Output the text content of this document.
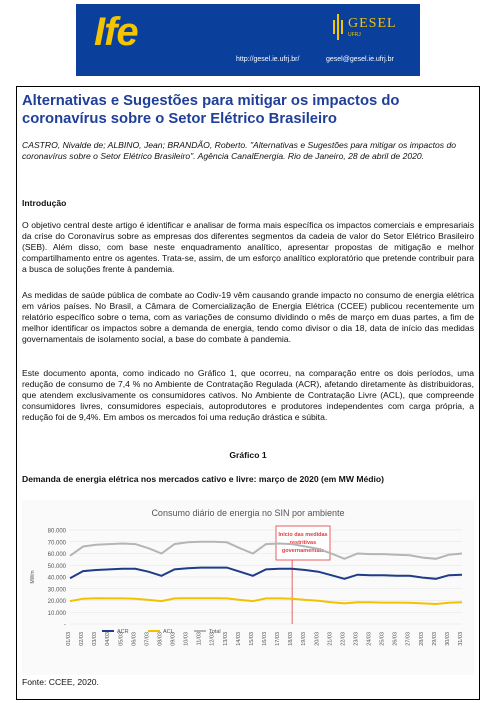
Ife	GESEL
UFRJ
http://gesel.ie.ufrj.br/	gesel@gesel.ie.ufrj.br
Alternativas e Sugestões para mitigar os impactos do coronavírus sobre o Setor Elétrico Brasileiro
CASTRO, Nivalde de; ALBINO, Jean; BRANDÃO, Roberto. "Alternativas e Sugestões para mitigar os impactos do coronavírus sobre o Setor Elétrico Brasileiro". Agência CanalEnergia. Rio de Janeiro, 28 de abril de 2020.
Introdução
O objetivo central deste artigo é identificar e analisar de forma mais específica os impactos comerciais e empresariais da crise do Coronavírus sobre as empresas dos diferentes segmentos da cadeia de valor do Setor Elétrico Brasileiro (SEB). Além disso, com base neste enquadramento analítico, apresentar propostas de mitigação e melhor compartilhamento entre os agentes. Trata-se, assim, de um esforço analítico exploratório que pretende contribuir para a busca de soluções frente à pandemia.
As medidas de saúde pública de combate ao Codiv-19 vêm causando grande impacto no consumo de energia elétrica em vários países. No Brasil, a Câmara de Comercialização de Energia Elétrica (CCEE) publicou recentemente um relatório específico sobre o tema, com as variações de consumo dividindo o mês de março em duas partes, a fim de melhor identificar os impactos sobre a demanda de energia, tendo como divisor o dia 18, data de início das medidas governamentais de isolamento social, a base do combate à pandemia.
Este documento aponta, como indicado no Gráfico 1, que ocorreu, na comparação entre os dois períodos, uma redução de consumo de 7,4 % no Ambiente de Contratação Regulada (ACR), afetando diretamente às distribuidoras, que atendem exclusivamente os consumidores cativos. No Ambiente de Contratação Livre (ACL), que compreende consumidores livres, consumidores especiais, autoprodutores e produtores independentes com carga própria, a redução foi de 9,4%. Em ambos os mercados foi uma redução drástica e súbita.
Gráfico 1
Demanda de energia elétrica nos mercados cativo e livre: março de 2020 (em MW Médio)
Consumo diário de energia no SIN por ambiente
-
10.000
20.000
30.000
40.000
50.000
60.000
70.000
80.000
MWm
01/03 02/03 03/03 04/03 05/03 06/03 07/03 08/03 09/03 10/03 11/03 12/03 13/03 14/03 15/03 16/03 17/03 18/03 19/03 20/03 21/03 22/03 23/03 24/03 25/03 26/03 27/03 28/03 29/03 30/03 31/03
Início das medidas
restritivas
governamentais
ACR	ACL	Total
Fonte: CCEE, 2020.
